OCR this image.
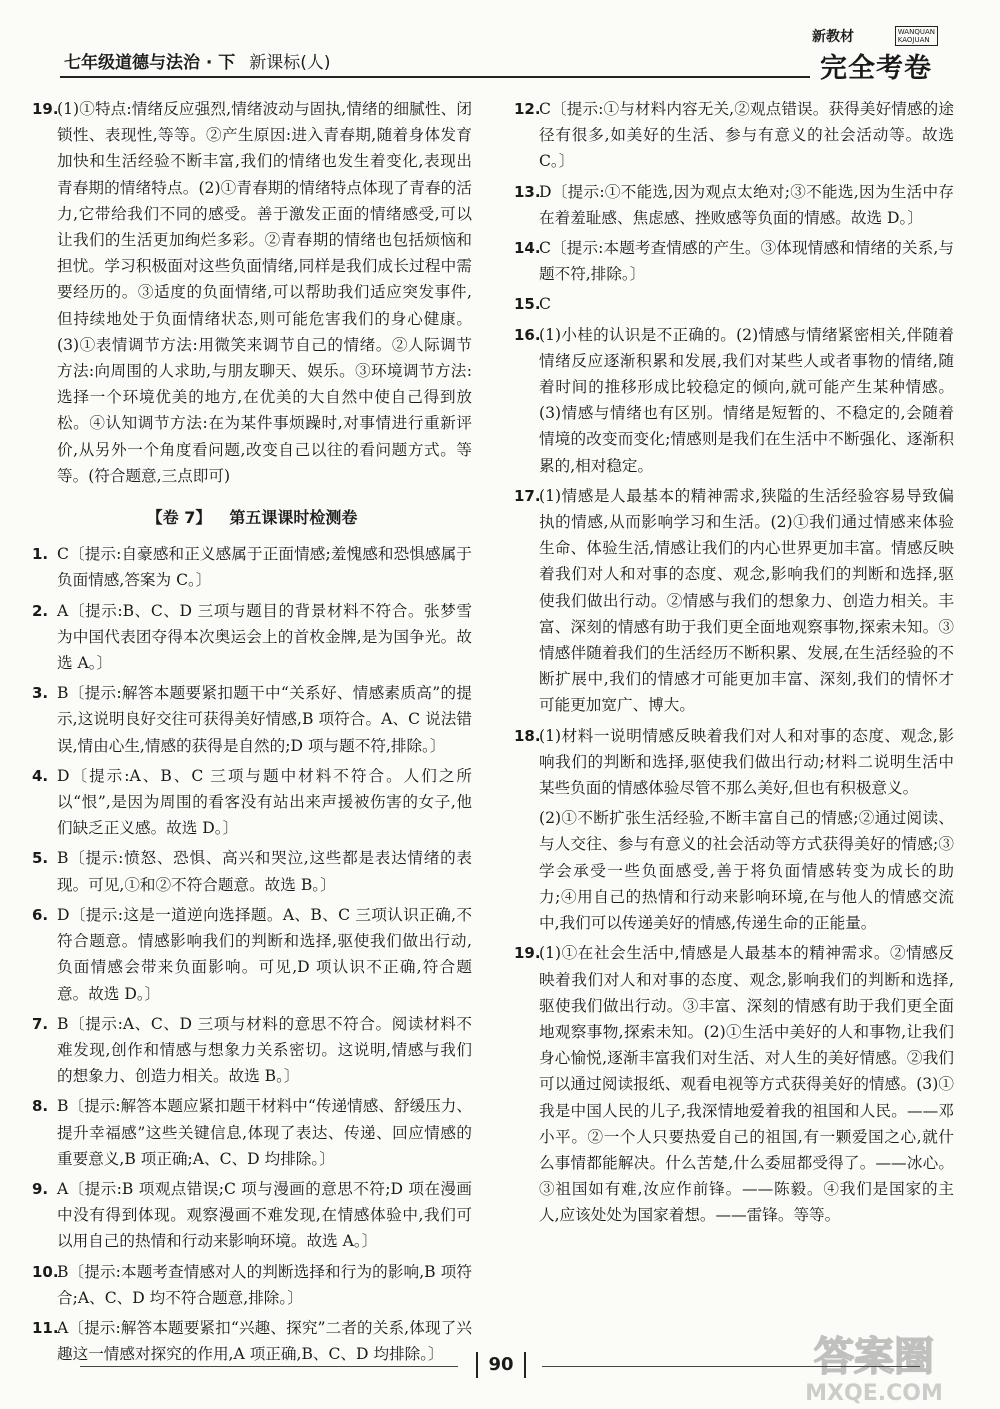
七年级道德与法治 · 下 新课标(人)
新教材	WANQUAN
KAOJUAN
完全考卷

19.(1)①特点:情绪反应强烈,情绪波动与固执,情绪的细腻性、闭锁性、表现性,等等。②产生原因:进入青春期,随着身体发育加快和生活经验不断丰富,我们的情绪也发生着变化,表现出青春期的情绪特点。(2)①青春期的情绪特点体现了青春的活力,它带给我们不同的感受。善于激发正面的情绪感受,可以让我们的生活更加绚烂多彩。②青春期的情绪也包括烦恼和担忧。学习积极面对这些负面情绪,同样是我们成长过程中需要经历的。③适度的负面情绪,可以帮助我们适应突发事件,但持续地处于负面情绪状态,则可能危害我们的身心健康。(3)①表情调节方法:用微笑来调节自己的情绪。②人际调节方法:向周围的人求助,与朋友聊天、娱乐。③环境调节方法:选择一个环境优美的地方,在优美的大自然中使自己得到放松。④认知调节方法:在为某件事烦躁时,对事情进行重新评价,从另外一个角度看问题,改变自己以往的看问题方式。等等。(符合题意,三点即可)

【卷 7】 第五课课时检测卷

1. C〔提示:自豪感和正义感属于正面情感;羞愧感和恐惧感属于负面情感,答案为 C。〕

2. A〔提示:B、C、D 三项与题目的背景材料不符合。张梦雪为中国代表团夺得本次奥运会上的首枚金牌,是为国争光。故选 A。〕

3. B〔提示:解答本题要紧扣题干中“关系好、情感素质高”的提示,这说明良好交往可获得美好情感,B 项符合。A、C 说法错误,情由心生,情感的获得是自然的;D 项与题不符,排除。〕

4. D〔提示:A、B、C 三项与题中材料不符合。人们之所以“恨”,是因为周围的看客没有站出来声援被伤害的女子,他们缺乏正义感。故选 D。〕

5. B〔提示:愤怒、恐惧、高兴和哭泣,这些都是表达情绪的表现。可见,①和②不符合题意。故选 B。〕

6. D〔提示:这是一道逆向选择题。A、B、C 三项认识正确,不符合题意。情感影响我们的判断和选择,驱使我们做出行动,负面情感会带来负面影响。可见,D 项认识不正确,符合题意。故选 D。〕

7. B〔提示:A、C、D 三项与材料的意思不符合。阅读材料不难发现,创作和情感与想象力关系密切。这说明,情感与我们的想象力、创造力相关。故选 B。〕

8. B〔提示:解答本题应紧扣题干材料中“传递情感、舒缓压力、提升幸福感”这些关键信息,体现了表达、传递、回应情感的重要意义,B 项正确;A、C、D 均排除。〕

9. A〔提示:B 项观点错误;C 项与漫画的意思不符;D 项在漫画中没有得到体现。观察漫画不难发现,在情感体验中,我们可以用自己的热情和行动来影响环境。故选 A。〕

10.B〔提示:本题考查情感对人的判断选择和行为的影响,B 项符合;A、C、D 均不符合题意,排除。〕

11.A〔提示:解答本题要紧扣“兴趣、探究”二者的关系,体现了兴趣这一情感对探究的作用,A 项正确,B、C、D 均排除。〕

12.C〔提示:①与材料内容无关,②观点错误。获得美好情感的途径有很多,如美好的生活、参与有意义的社会活动等。故选 C。〕

13.D〔提示:①不能选,因为观点太绝对;③不能选,因为生活中存在着羞耻感、焦虑感、挫败感等负面的情感。故选 D。〕

14.C〔提示:本题考查情感的产生。③体现情感和情绪的关系,与题不符,排除。〕

15.C

16.(1)小桂的认识是不正确的。(2)情感与情绪紧密相关,伴随着情绪反应逐渐积累和发展,我们对某些人或者事物的情绪,随着时间的推移形成比较稳定的倾向,就可能产生某种情感。(3)情感与情绪也有区别。情绪是短暂的、不稳定的,会随着情境的改变而变化;情感则是我们在生活中不断强化、逐渐积累的,相对稳定。

17.(1)情感是人最基本的精神需求,狭隘的生活经验容易导致偏执的情感,从而影响学习和生活。(2)①我们通过情感来体验生命、体验生活,情感让我们的内心世界更加丰富。情感反映着我们对人和对事的态度、观念,影响我们的判断和选择,驱使我们做出行动。②情感与我们的想象力、创造力相关。丰富、深刻的情感有助于我们更全面地观察事物,探索未知。③情感伴随着我们的生活经历不断积累、发展,在生活经验的不断扩展中,我们的情感才可能更加丰富、深刻,我们的情怀才可能更加宽广、博大。

18.(1)材料一说明情感反映着我们对人和对事的态度、观念,影响我们的判断和选择,驱使我们做出行动;材料二说明生活中某些负面的情感体验尽管不那么美好,但也有积极意义。

(2)①不断扩张生活经验,不断丰富自己的情感;②通过阅读、与人交往、参与有意义的社会活动等方式获得美好的情感;③学会承受一些负面感受,善于将负面情感转变为成长的助力;④用自己的热情和行动来影响环境,在与他人的情感交流中,我们可以传递美好的情感,传递生命的正能量。

19.(1)①在社会生活中,情感是人最基本的精神需求。②情感反映着我们对人和对事的态度、观念,影响我们的判断和选择,驱使我们做出行动。③丰富、深刻的情感有助于我们更全面地观察事物,探索未知。(2)①生活中美好的人和事物,让我们身心愉悦,逐渐丰富我们对生活、对人生的美好情感。②我们可以通过阅读报纸、观看电视等方式获得美好的情感。(3)①我是中国人民的儿子,我深情地爱着我的祖国和人民。——邓小平。②一个人只要热爱自己的祖国,有一颗爱国之心,就什么事情都能解决。什么苦楚,什么委屈都受得了。——冰心。③祖国如有难,汝应作前锋。——陈毅。④我们是国家的主人,应该处处为国家着想。——雷锋。等等。

90	答案圈
MXQE.COM
